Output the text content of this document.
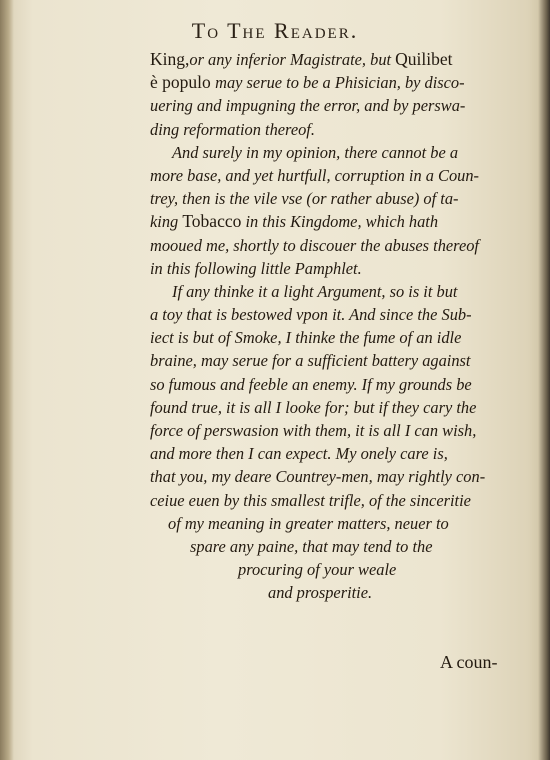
To The Reader.
King,or any inferior Magistrate, but Quilibet
è populo may serue to be a Phisician, by disco-
uering and impugning the error, and by perswa-
ding reformation thereof.
And surely in my opinion, there cannot be a
more base, and yet hurtfull, corruption in a Coun-
trey, then is the vile vse (or rather abuse) of ta-
king Tobacco in this Kingdome, which hath
mooued me, shortly to discouer the abuses thereof
in this following little Pamphlet.
If any thinke it a light Argument, so is it but
a toy that is bestowed vpon it. And since the Sub-
iect is but of Smoke, I thinke the fume of an idle
braine, may serue for a sufficient battery against
so fumous and feeble an enemy. If my grounds be
found true, it is all I looke for; but if they cary the
force of perswasion with them, it is all I can wish,
and more then I can expect. My onely care is,
that you, my deare Countrey-men, may rightly con-
ceiue euen by this smallest trifle, of the sinceritie
of my meaning in greater matters, neuer to
spare any paine, that may tend to the
procuring of your weale
and prosperitie.
A coun-
